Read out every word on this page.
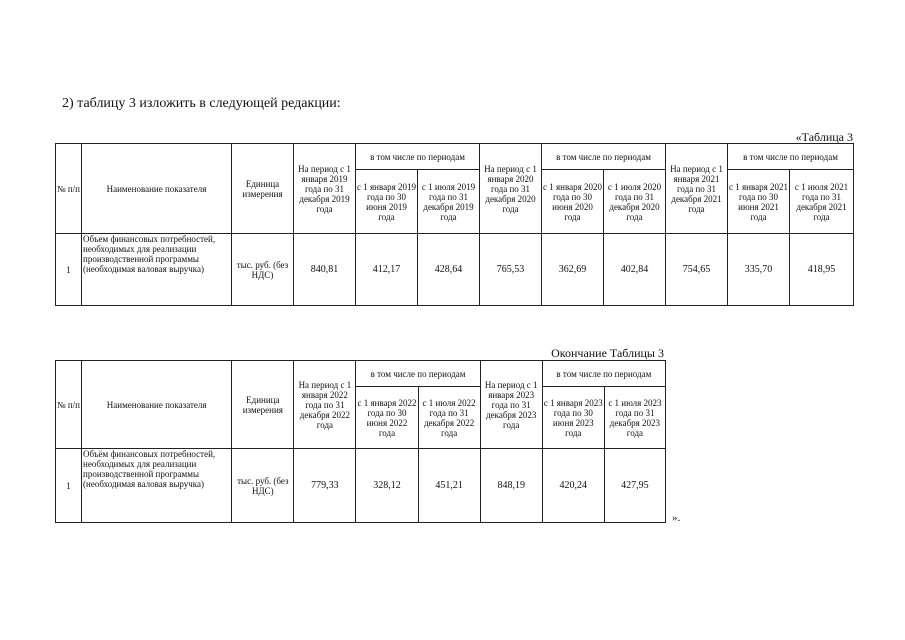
2) таблицу 3 изложить в следующей редакции:
«Таблица 3
№ п/п	Наименование показателя	Единица измерения	На период с 1 января 2019 года по 31 декабря 2019 года	в том числе по периодам		На период с 1 января 2020 года по 31 декабря 2020 года	в том числе по периодам		На период с 1 января 2021 года по 31 декабря 2021 года	в том числе по периодам	
				с 1 января 2019 года по 30 июня 2019 года	с 1 июля 2019 года по 31 декабря 2019 года		с 1 января 2020 года по 30 июня 2020 года	с 1 июля 2020 года по 31 декабря 2020 года		с 1 января 2021 года по 30 июня 2021 года	с 1 июля 2021 года по 31 декабря 2021 года
1	Объем финансовых потребностей, необходимых для реализации производственной программы (необходимая валовая выручка)	тыс. руб. (без НДС)	840,81	412,17	428,64	765,53	362,69	402,84	754,65	335,70	418,95
Окончание Таблицы 3
№ п/п	Наименование показателя	Единица измерения	На период с 1 января 2022 года по 31 декабря 2022 года	в том числе по периодам		На период с 1 января 2023 года по 31 декабря 2023 года	в том числе по периодам	
				с 1 января 2022 года по 30 июня 2022 года	с 1 июля 2022 года по 31 декабря 2022 года		с 1 января 2023 года по 30 июня 2023 года	с 1 июля 2023 года по 31 декабря 2023 года
1	Объём финансовых потребностей, необходимых для реализации производственной программы (необходимая валовая выручка)	тыс. руб. (без НДС)	779,33	328,12	451,21	848,19	420,24	427,95
».
